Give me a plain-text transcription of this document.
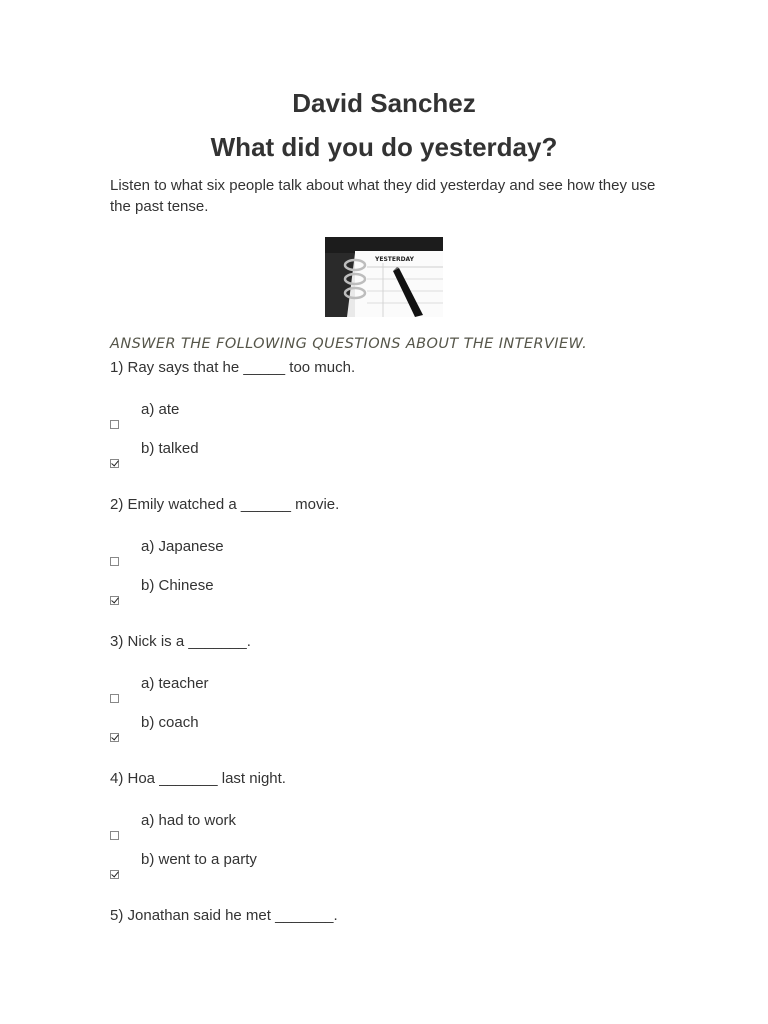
David Sanchez
What did you do yesterday?

Listen to what six people talk about what they did yesterday and see how they use the past tense.

YESTERDAY

ANSWER THE FOLLOWING QUESTIONS ABOUT THE INTERVIEW.

1) Ray says that he _____ too much.

a) ate
b) talked

2) Emily watched a ______ movie.

a) Japanese
b) Chinese

3) Nick is a _______.

a) teacher
b) coach

4) Hoa _______ last night.

a) had to work
b) went to a party

5) Jonathan said he met _______.
